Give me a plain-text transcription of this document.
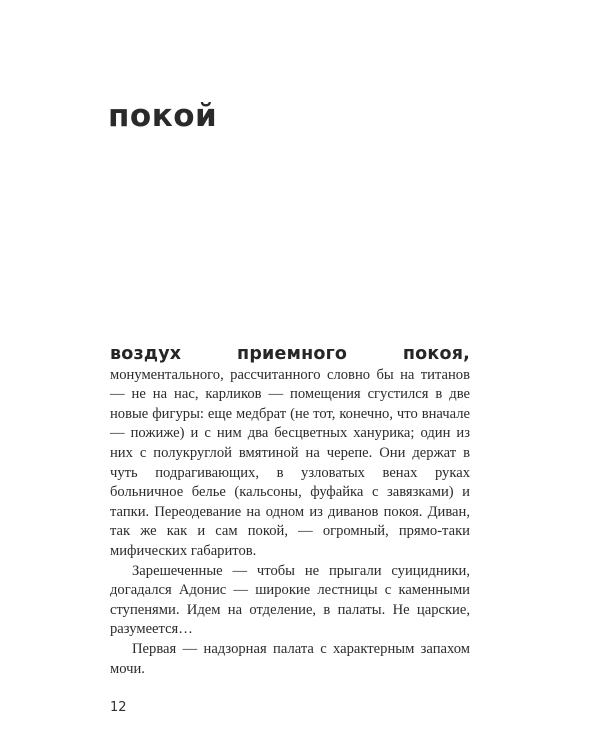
покой

воздух приемного покоя, монументального, рассчитанного словно бы на титанов — не на нас, карликов — помещения сгустился в две новые фигуры: еще медбрат (не тот, конечно, что вначале — пожиже) и с ним два бесцветных ханурика; один из них с полукруглой вмятиной на черепе. Они держат в чуть подрагивающих, в узловатых венах руках больничное белье (кальсоны, фуфайка с завязками) и тапки. Переодевание на одном из диванов покоя. Диван, так же как и сам покой, — огромный, прямо-таки мифических габаритов.

Зарешеченные — чтобы не прыгали суицидники, догадался Адонис — широкие лестницы с каменными ступенями. Идем на отделение, в палаты. Не царские, разумеется…

Первая — надзорная палата с характерным запахом мочи.

12
